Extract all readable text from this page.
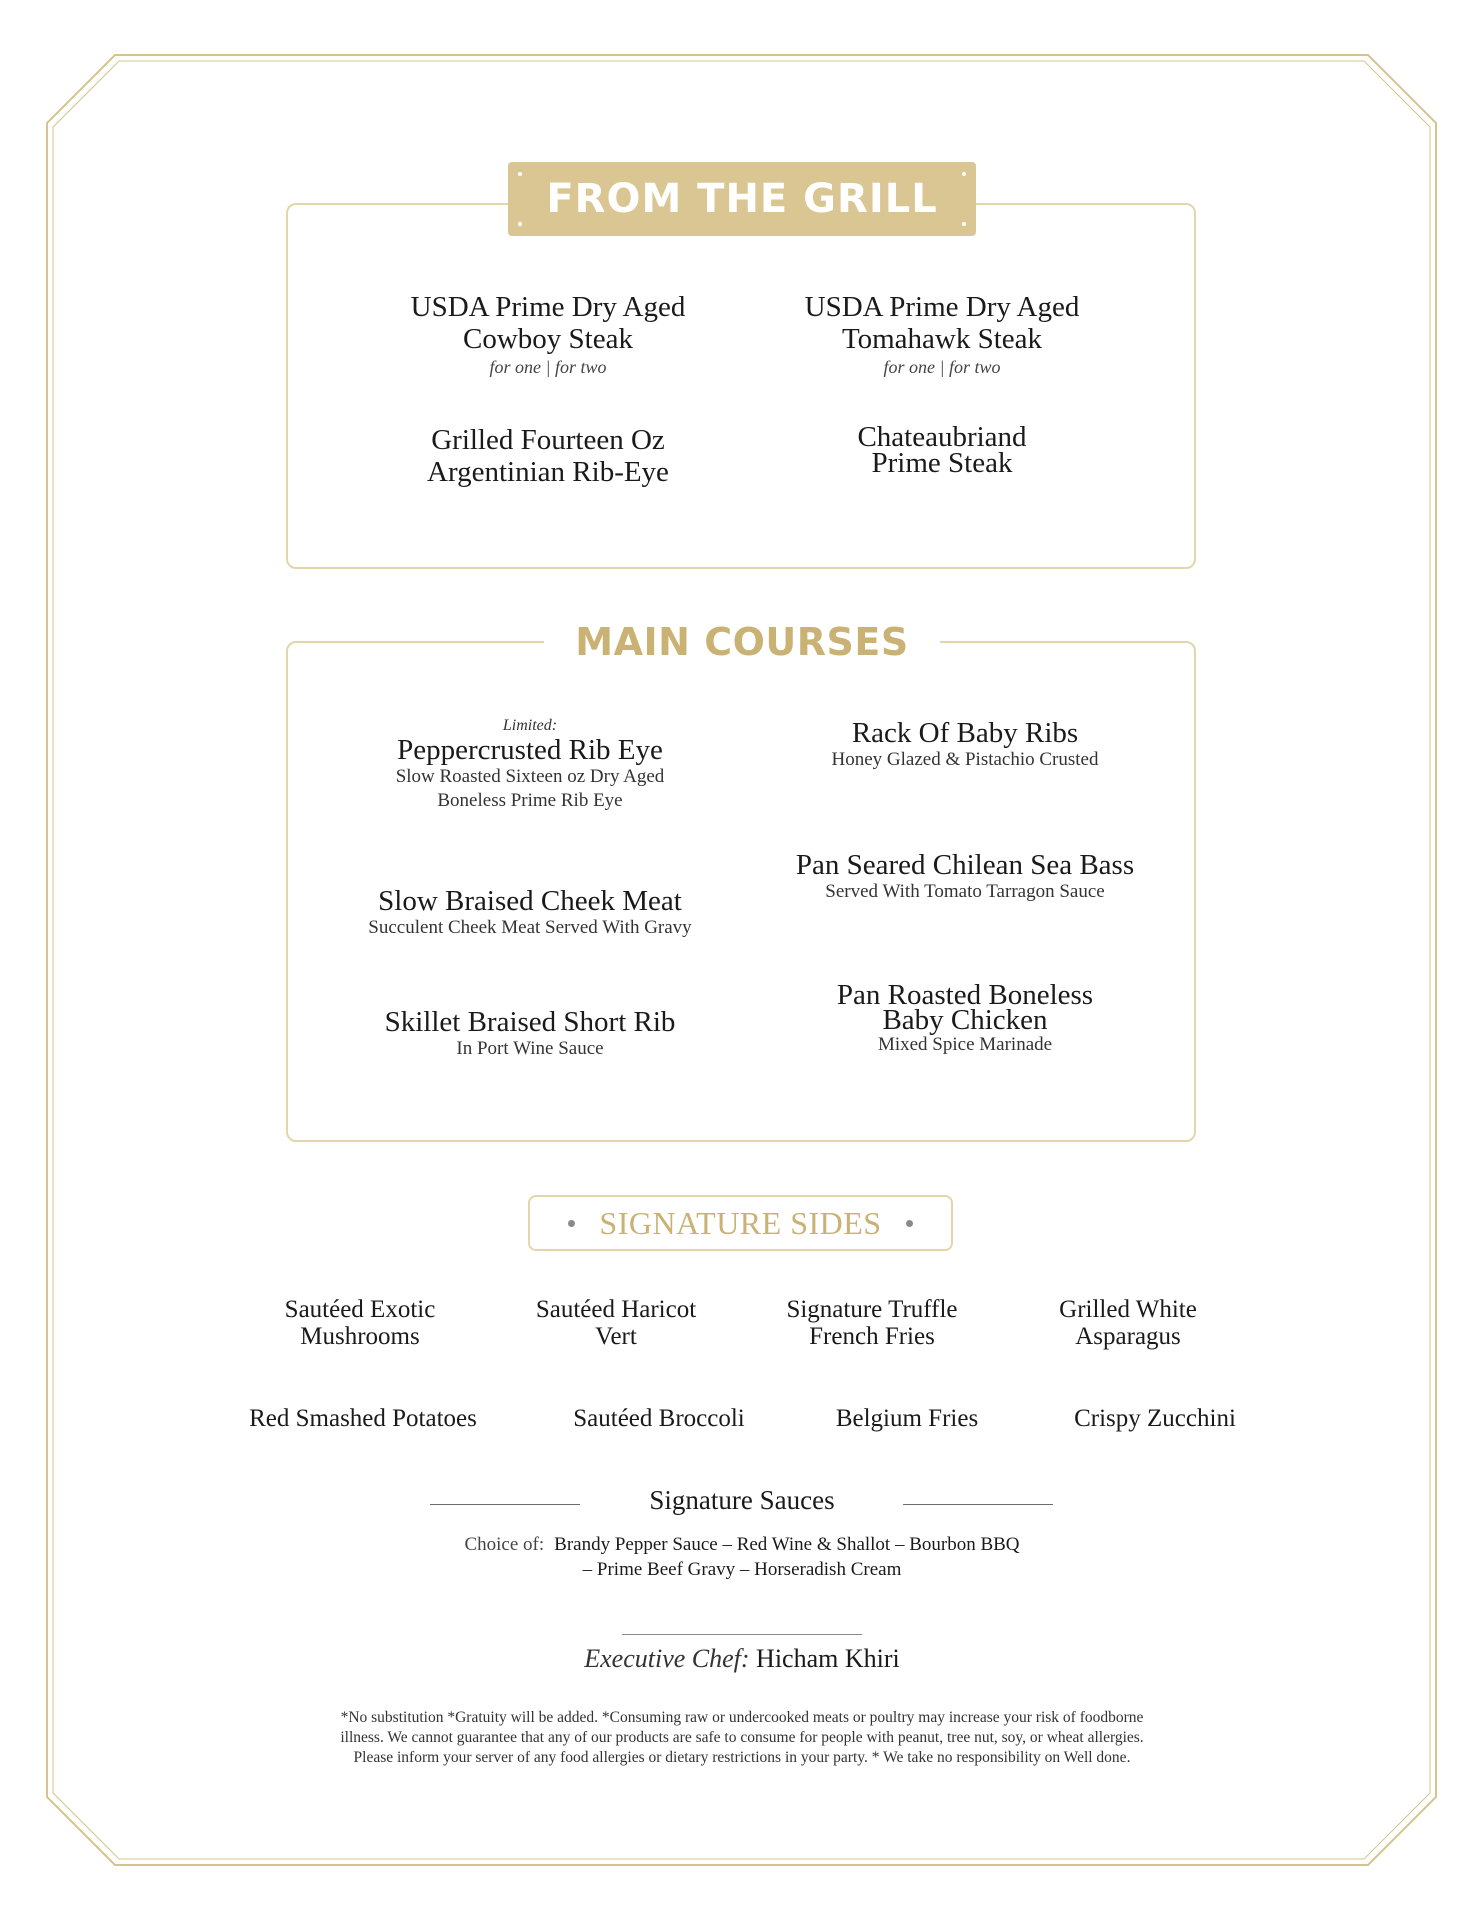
FROM THE GRILL
USDA Prime Dry Aged
Cowboy Steak
for one | for two
USDA Prime Dry Aged
Tomahawk Steak
for one | for two
Grilled Fourteen Oz
Argentinian Rib-Eye
Chateaubriand
Prime Steak
MAIN COURSES
Limited:
Peppercrusted Rib Eye
Slow Roasted Sixteen oz Dry Aged
Boneless Prime Rib Eye
Rack Of Baby Ribs
Honey Glazed & Pistachio Crusted
Pan Seared Chilean Sea Bass
Served With Tomato Tarragon Sauce
Slow Braised Cheek Meat
Succulent Cheek Meat Served With Gravy
Pan Roasted Boneless
Baby Chicken
Mixed Spice Marinade
Skillet Braised Short Rib
In Port Wine Sauce
SIGNATURE SIDES
Sautéed Exotic
Mushrooms
Sautéed Haricot
Vert
Signature Truffle
French Fries
Grilled White
Asparagus
Red Smashed Potatoes	Sautéed Broccoli	Belgium Fries	Crispy Zucchini
Signature Sauces
Choice of: Brandy Pepper Sauce – Red Wine & Shallot – Bourbon BBQ
– Prime Beef Gravy – Horseradish Cream
Executive Chef: Hicham Khiri
*No substitution *Gratuity will be added. *Consuming raw or undercooked meats or poultry may increase your risk of foodborne
illness. We cannot guarantee that any of our products are safe to consume for people with peanut, tree nut, soy, or wheat allergies.
Please inform your server of any food allergies or dietary restrictions in your party. * We take no responsibility on Well done.
